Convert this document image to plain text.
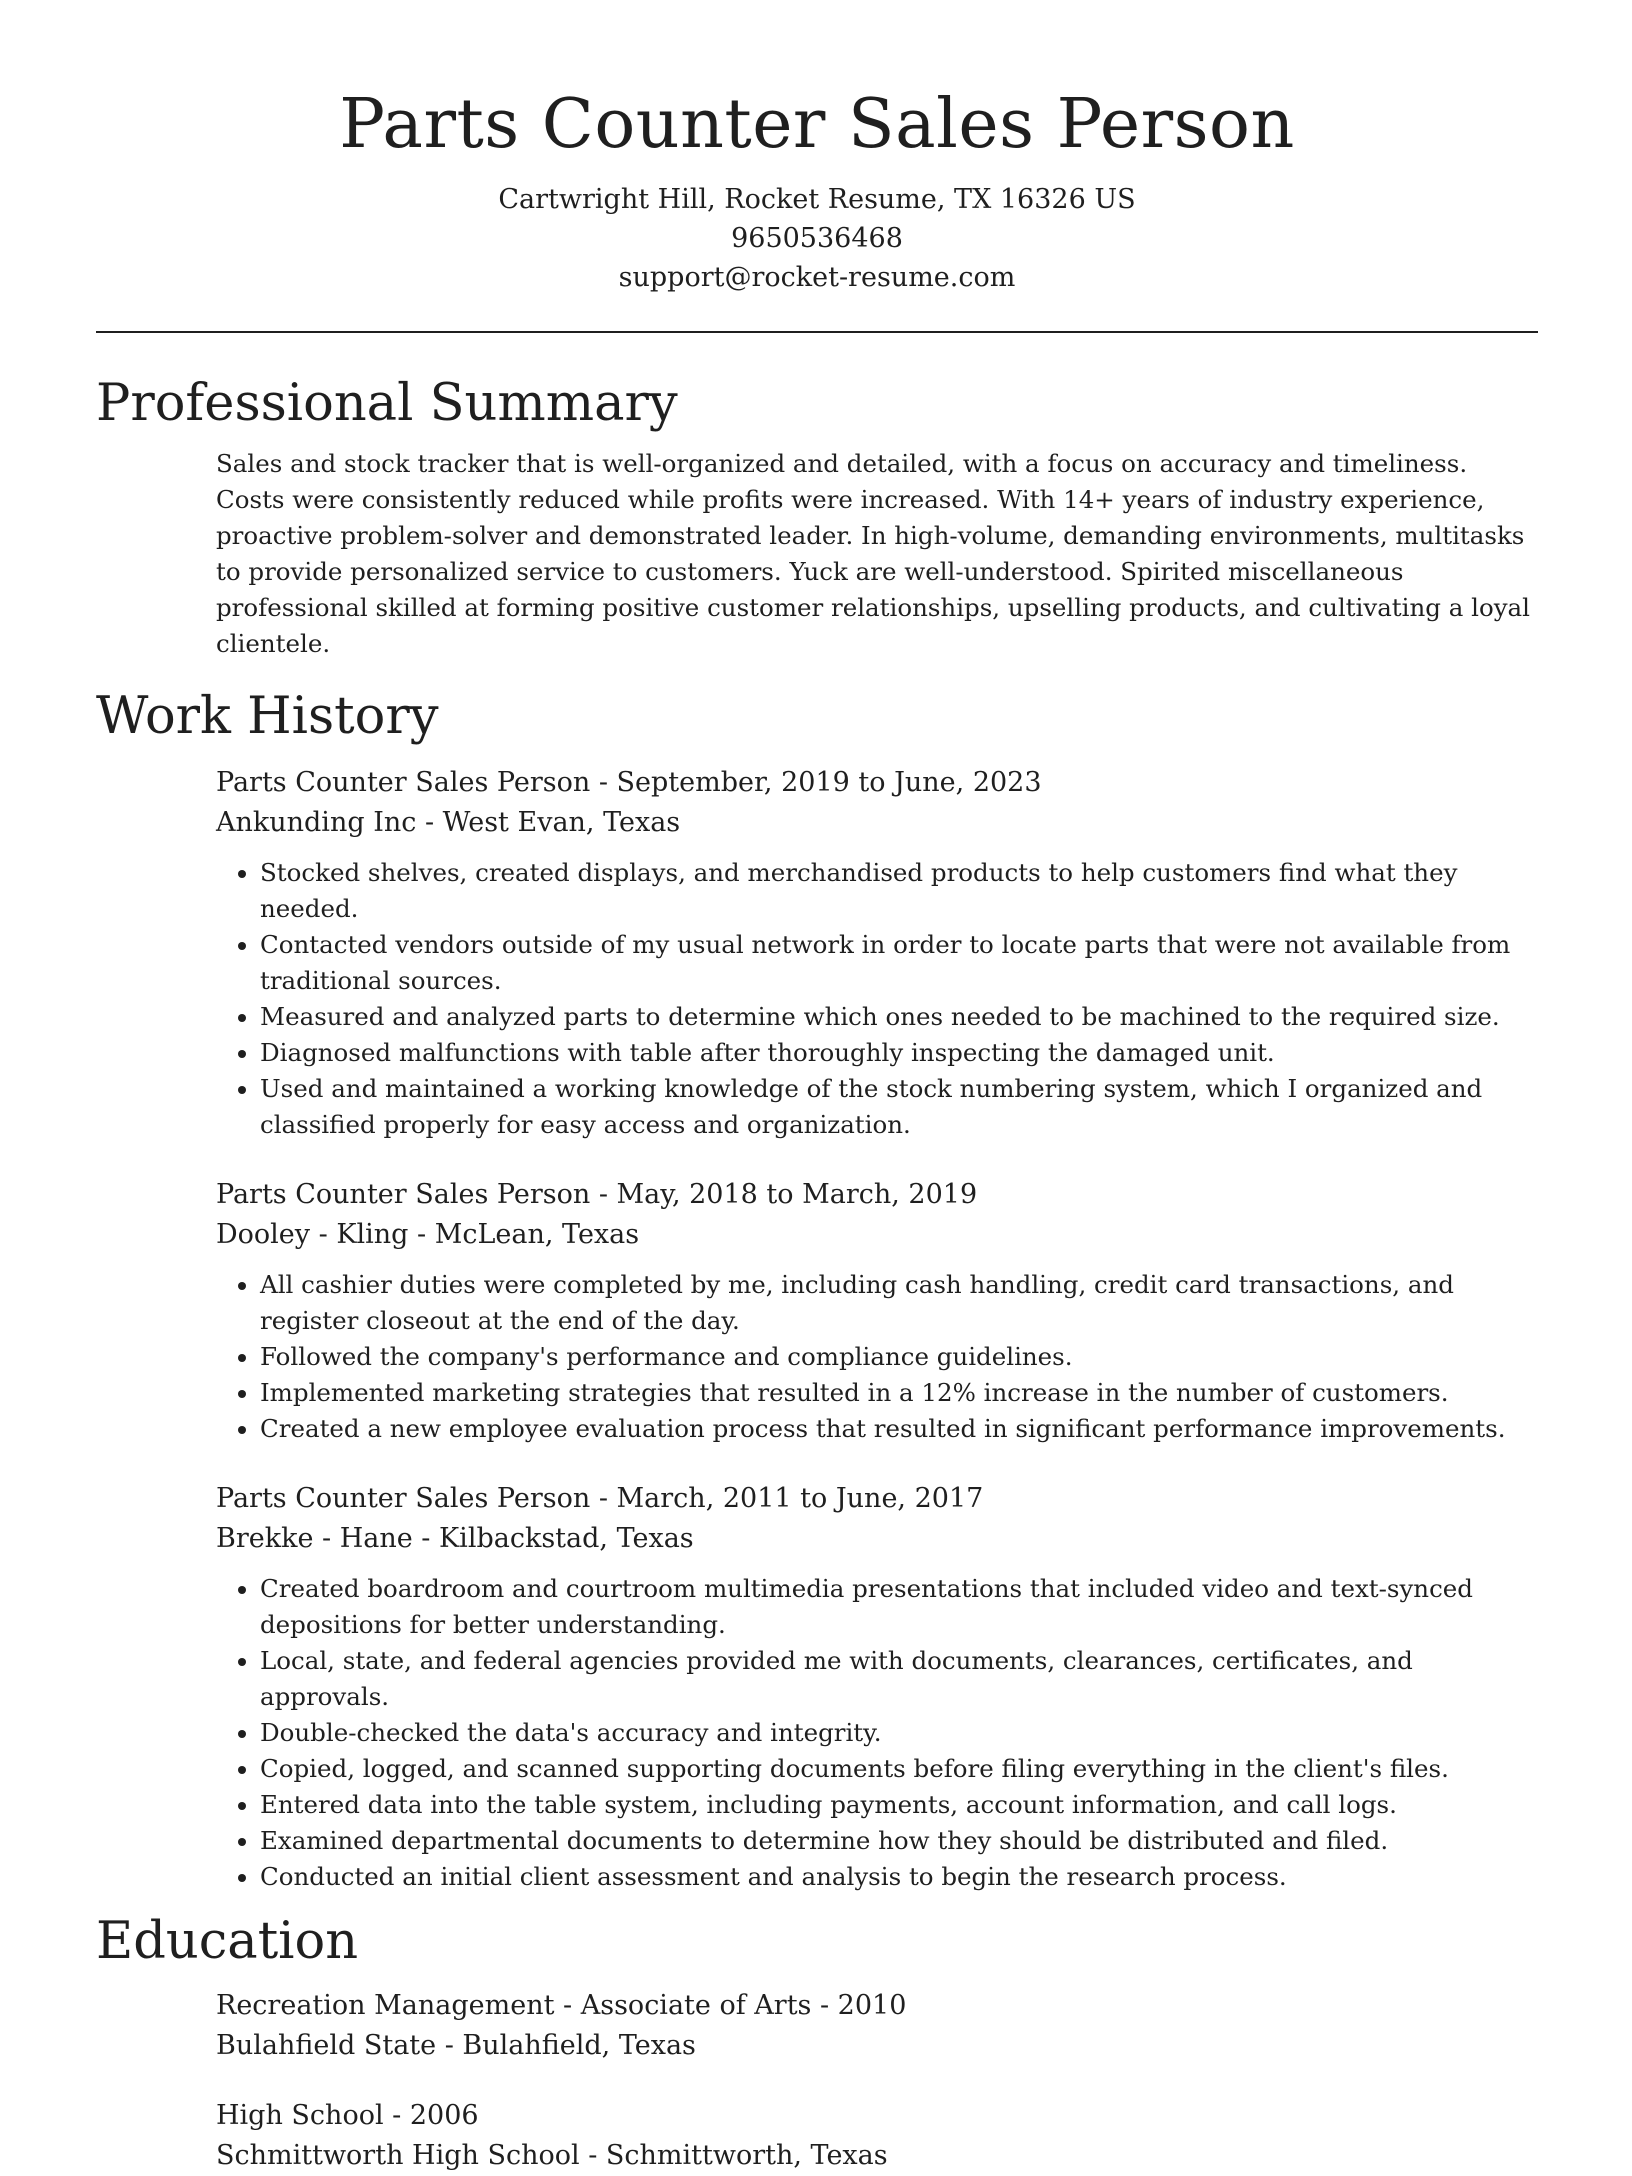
Parts Counter Sales Person
Cartwright Hill, Rocket Resume, TX 16326 US
9650536468
support@rocket-resume.com
Professional Summary
Sales and stock tracker that is well-organized and detailed, with a focus on accuracy and timeliness. Costs were consistently reduced while profits were increased. With 14+ years of industry experience, proactive problem-solver and demonstrated leader. In high-volume, demanding environments, multitasks to provide personalized service to customers. Yuck are well-understood. Spirited miscellaneous professional skilled at forming positive customer relationships, upselling products, and cultivating a loyal clientele.
Work History
Parts Counter Sales Person - September, 2019 to June, 2023
Ankunding Inc - West Evan, Texas
• Stocked shelves, created displays, and merchandised products to help customers find what they needed.
• Contacted vendors outside of my usual network in order to locate parts that were not available from traditional sources.
• Measured and analyzed parts to determine which ones needed to be machined to the required size.
• Diagnosed malfunctions with table after thoroughly inspecting the damaged unit.
• Used and maintained a working knowledge of the stock numbering system, which I organized and classified properly for easy access and organization.
Parts Counter Sales Person - May, 2018 to March, 2019
Dooley - Kling - McLean, Texas
• All cashier duties were completed by me, including cash handling, credit card transactions, and register closeout at the end of the day.
• Followed the company's performance and compliance guidelines.
• Implemented marketing strategies that resulted in a 12% increase in the number of customers.
• Created a new employee evaluation process that resulted in significant performance improvements.
Parts Counter Sales Person - March, 2011 to June, 2017
Brekke - Hane - Kilbackstad, Texas
• Created boardroom and courtroom multimedia presentations that included video and text-synced depositions for better understanding.
• Local, state, and federal agencies provided me with documents, clearances, certificates, and approvals.
• Double-checked the data's accuracy and integrity.
• Copied, logged, and scanned supporting documents before filing everything in the client's files.
• Entered data into the table system, including payments, account information, and call logs.
• Examined departmental documents to determine how they should be distributed and filed.
• Conducted an initial client assessment and analysis to begin the research process.
Education
Recreation Management - Associate of Arts - 2010
Bulahfield State - Bulahfield, Texas
High School - 2006
Schmittworth High School - Schmittworth, Texas
